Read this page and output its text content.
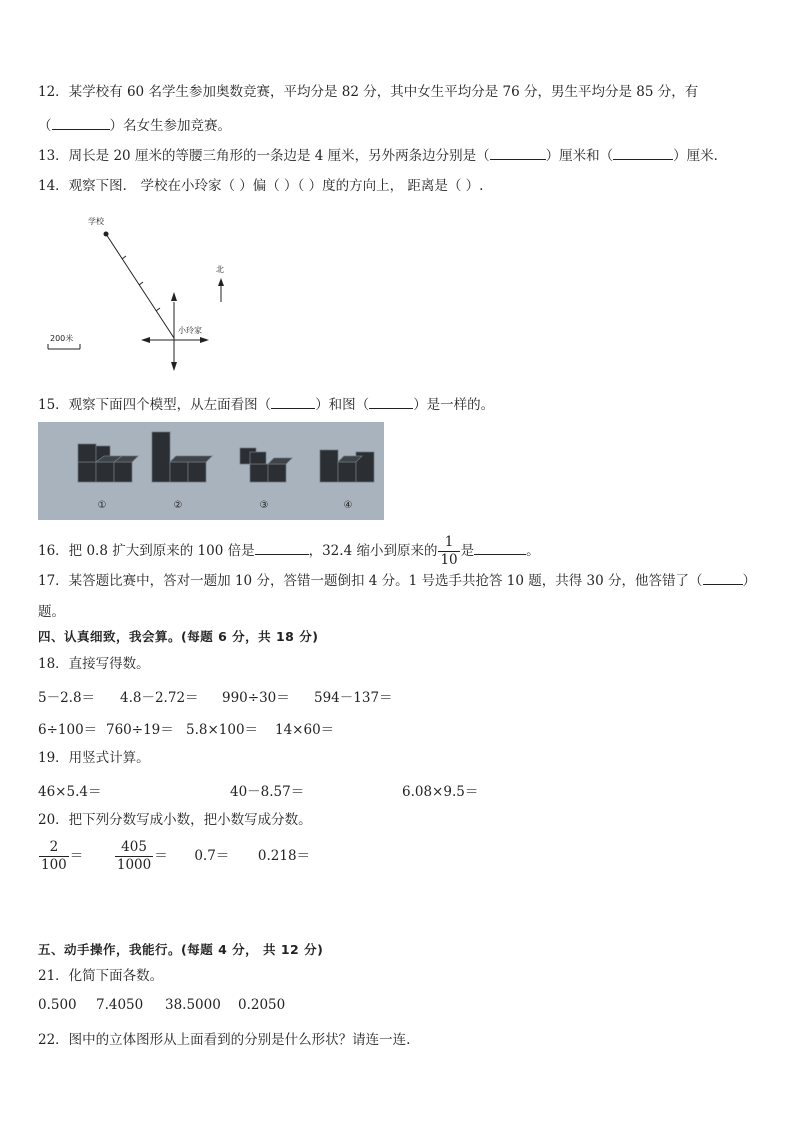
12．某学校有 60 名学生参加奥数竞赛，平均分是 82 分，其中女生平均分是 76 分，男生平均分是 85 分，有
（	）名女生参加竞赛。
13．周长是 20 厘米的等腰三角形的一条边是 4 厘米，另外两条边分别是（	）厘米和（	）厘米．
14．观察下图． 学校在小玲家（ ）偏（ ）（ ）度的方向上， 距离是（ ）.
学校
小玲家
北
200米
15．观察下面四个模型，从左面看图（	）和图（	）是一样的。
①	②	③	④
16．把 0.8 扩大到原来的 100 倍是	，32.4 缩小到原来的 $\frac{1}{10}$ 是	。
17．某答题比赛中，答对一题加 10 分，答错一题倒扣 4 分。1 号选手共抢答 10 题，共得 30 分，他答错了（	）
题。
四、认真细致，我会算。(每题 6 分，共 18 分)
18．直接写得数。
5－2.8＝ 4.8－2.72＝ 990÷30＝ 594－137＝
6÷100＝ 760÷19＝ 5.8×100＝ 14×60＝
19．用竖式计算。
46×5.4＝	40－8.57＝	6.08×9.5＝
20．把下列分数写成小数，把小数写成分数。
$\frac{2}{100} = \frac{405}{1000} = 0.7= 0.218=$
五、动手操作，我能行。(每题 4 分， 共 12 分)
21．化简下面各数。
0.500 7.4050 38.5000 0.2050
22．图中的立体图形从上面看到的分别是什么形状？请连一连.
